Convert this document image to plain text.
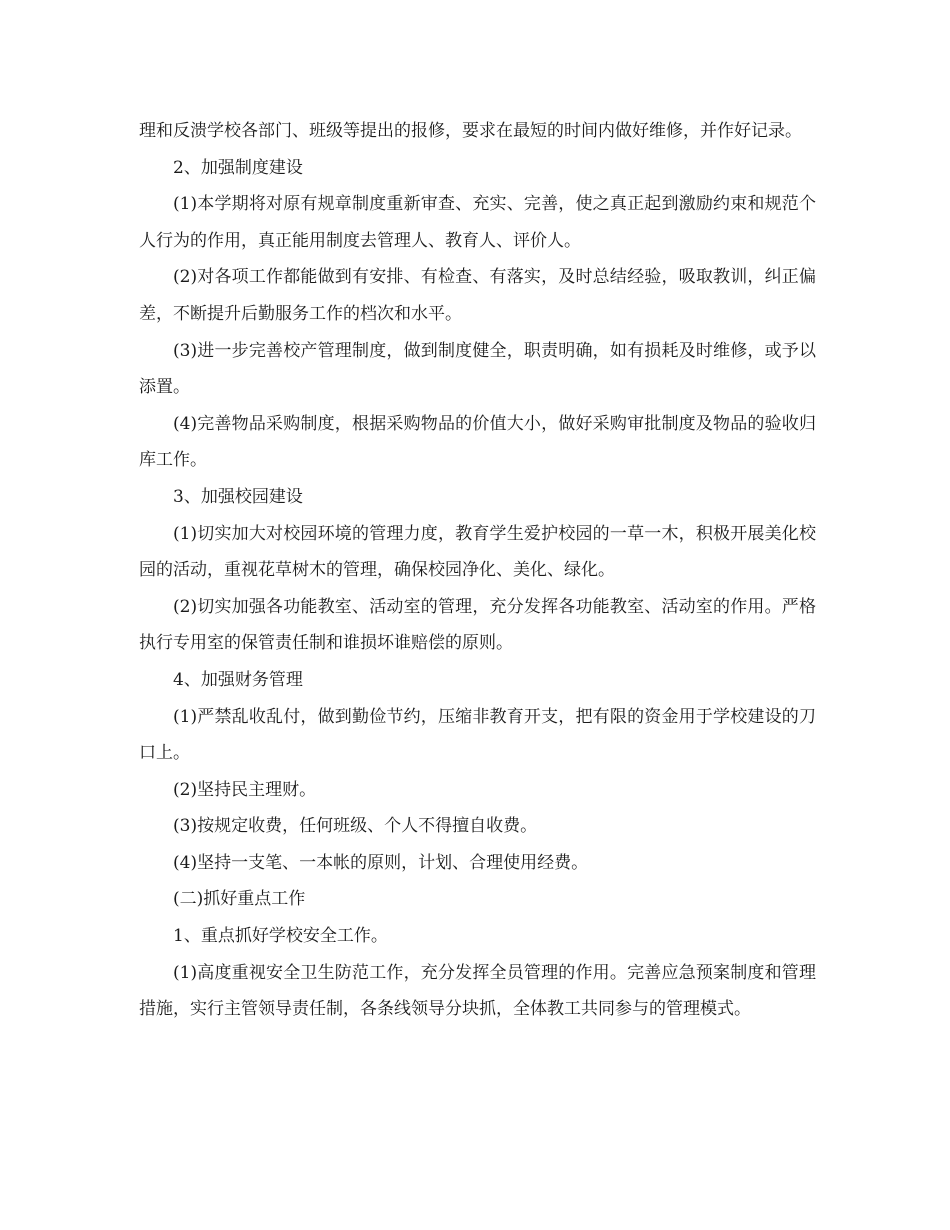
理和反溃学校各部门、班级等提出的报修，要求在最短的时间内做好维修，并作好记录。

2、加强制度建设

(1)本学期将对原有规章制度重新审查、充实、完善，使之真正起到激励约束和规范个人行为的作用，真正能用制度去管理人、教育人、评价人。

(2)对各项工作都能做到有安排、有检查、有落实，及时总结经验，吸取教训，纠正偏差，不断提升后勤服务工作的档次和水平。

(3)进一步完善校产管理制度，做到制度健全，职责明确，如有损耗及时维修，或予以添置。

(4)完善物品采购制度，根据采购物品的价值大小，做好采购审批制度及物品的验收归库工作。

3、加强校园建设

(1)切实加大对校园环境的管理力度，教育学生爱护校园的一草一木，积极开展美化校园的活动，重视花草树木的管理，确保校园净化、美化、绿化。

(2)切实加强各功能教室、活动室的管理，充分发挥各功能教室、活动室的作用。严格执行专用室的保管责任制和谁损坏谁赔偿的原则。

4、加强财务管理

(1)严禁乱收乱付，做到勤俭节约，压缩非教育开支，把有限的资金用于学校建设的刀口上。

(2)坚持民主理财。

(3)按规定收费，任何班级、个人不得擅自收费。

(4)坚持一支笔、一本帐的原则，计划、合理使用经费。

(二)抓好重点工作

1、重点抓好学校安全工作。

(1)高度重视安全卫生防范工作，充分发挥全员管理的作用。完善应急预案制度和管理措施，实行主管领导责任制，各条线领导分块抓，全体教工共同参与的管理模式。
